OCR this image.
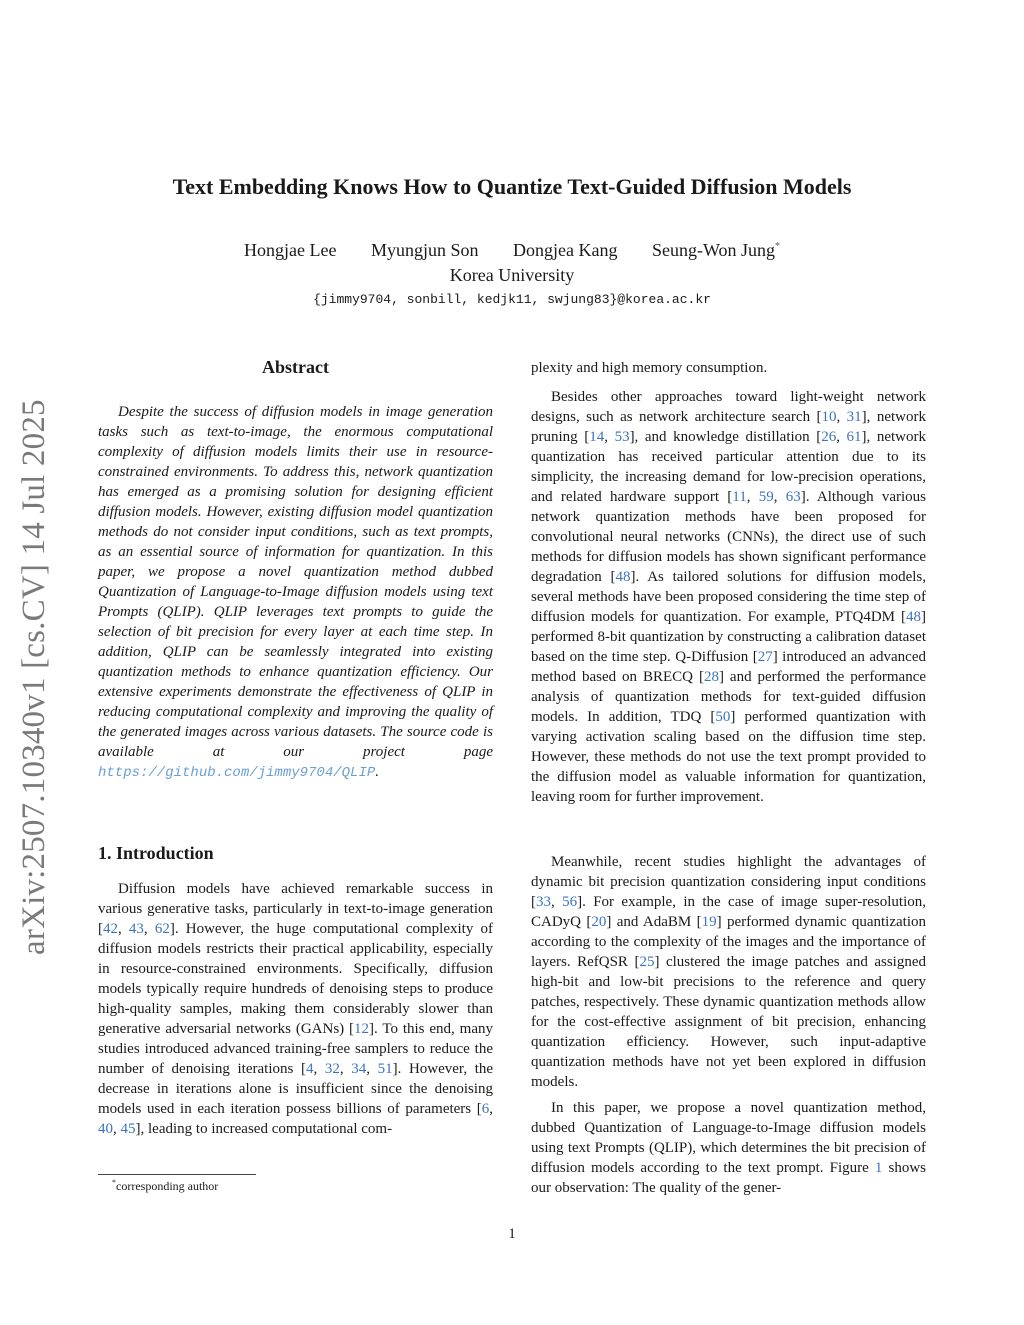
arXiv:2507.10340v1 [cs.CV] 14 Jul 2025
Text Embedding Knows How to Quantize Text-Guided Diffusion Models
Hongjae Lee Myungjun Son Dongjea Kang Seung-Won Jung*
Korea University
{jimmy9704, sonbill, kedjk11, swjung83}@korea.ac.kr
Abstract

Despite the success of diffusion models in image generation tasks such as text-to-image, the enormous computational complexity of diffusion models limits their use in resource-constrained environments. To address this, network quantization has emerged as a promising solution for designing efficient diffusion models. However, existing diffusion model quantization methods do not consider input conditions, such as text prompts, as an essential source of information for quantization. In this paper, we propose a novel quantization method dubbed Quantization of Language-to-Image diffusion models using text Prompts (QLIP). QLIP leverages text prompts to guide the selection of bit precision for every layer at each time step. In addition, QLIP can be seamlessly integrated into existing quantization methods to enhance quantization efficiency. Our extensive experiments demonstrate the effectiveness of QLIP in reducing computational complexity and improving the quality of the generated images across various datasets. The source code is available at our project page https://github.com/jimmy9704/QLIP.

1. Introduction

Diffusion models have achieved remarkable success in various generative tasks, particularly in text-to-image generation [42, 43, 62]. However, the huge computational complexity of diffusion models restricts their practical applicability, especially in resource-constrained environments. Specifically, diffusion models typically require hundreds of denoising steps to produce high-quality samples, making them considerably slower than generative adversarial networks (GANs) [12]. To this end, many studies introduced advanced training-free samplers to reduce the number of denoising iterations [4, 32, 34, 51]. However, the decrease in iterations alone is insufficient since the denoising models used in each iteration possess billions of parameters [6, 40, 45], leading to increased computational com-

*corresponding author

plexity and high memory consumption.

Besides other approaches toward light-weight network designs, such as network architecture search [10, 31], network pruning [14, 53], and knowledge distillation [26, 61], network quantization has received particular attention due to its simplicity, the increasing demand for low-precision operations, and related hardware support [11, 59, 63]. Although various network quantization methods have been proposed for convolutional neural networks (CNNs), the direct use of such methods for diffusion models has shown significant performance degradation [48]. As tailored solutions for diffusion models, several methods have been proposed considering the time step of diffusion models for quantization. For example, PTQ4DM [48] performed 8-bit quantization by constructing a calibration dataset based on the time step. Q-Diffusion [27] introduced an advanced method based on BRECQ [28] and performed the performance analysis of quantization methods for text-guided diffusion models. In addition, TDQ [50] performed quantization with varying activation scaling based on the diffusion time step. However, these methods do not use the text prompt provided to the diffusion model as valuable information for quantization, leaving room for further improvement.

Meanwhile, recent studies highlight the advantages of dynamic bit precision quantization considering input conditions [33, 56]. For example, in the case of image super-resolution, CADyQ [20] and AdaBM [19] performed dynamic quantization according to the complexity of the images and the importance of layers. RefQSR [25] clustered the image patches and assigned high-bit and low-bit precisions to the reference and query patches, respectively. These dynamic quantization methods allow for the cost-effective assignment of bit precision, enhancing quantization efficiency. However, such input-adaptive quantization methods have not yet been explored in diffusion models.

In this paper, we propose a novel quantization method, dubbed Quantization of Language-to-Image diffusion models using text Prompts (QLIP), which determines the bit precision of diffusion models according to the text prompt. Figure 1 shows our observation: The quality of the gener-

1
